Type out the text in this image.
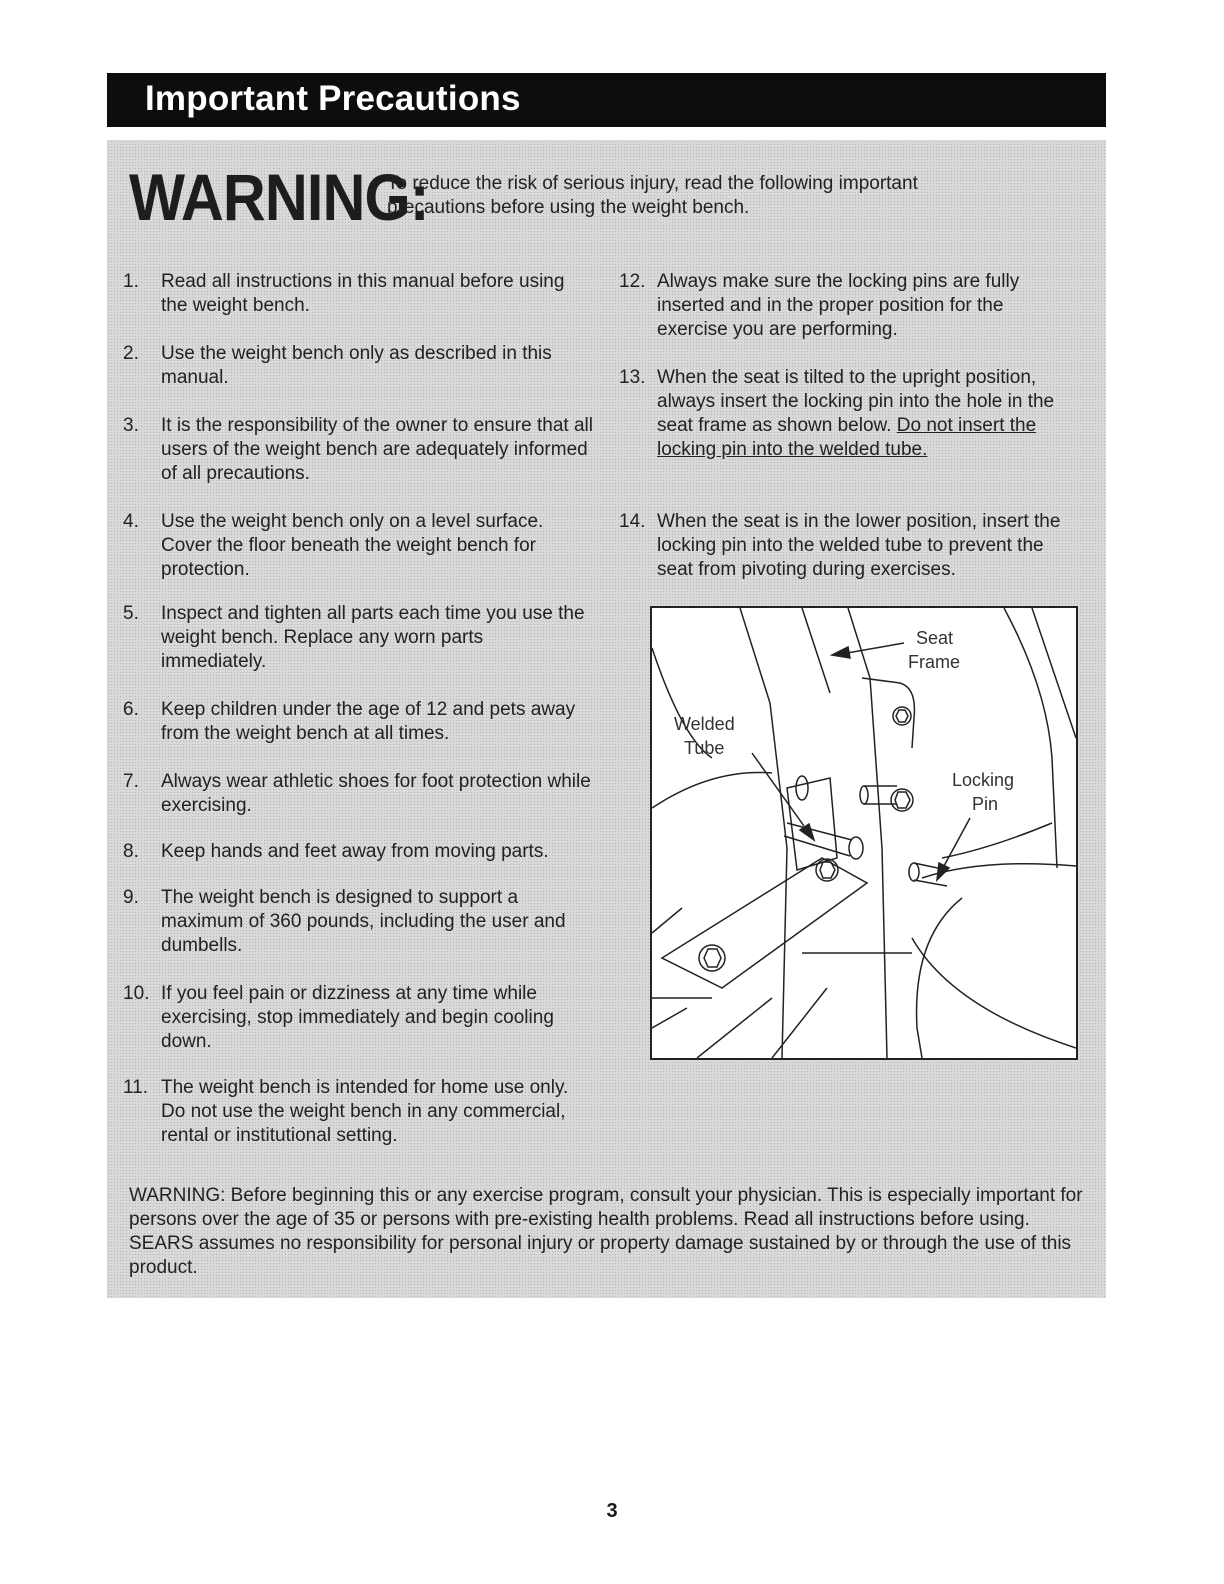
Important Precautions
WARNING:
To reduce the risk of serious injury, read the following important
precautions before using the weight bench.
1.	Read all instructions in this manual before using the weight bench.
2.	Use the weight bench only as described in this manual.
3.	It is the responsibility of the owner to ensure that all users of the weight bench are adequately informed of all precautions.
4.	Use the weight bench only on a level surface. Cover the floor beneath the weight bench for protection.
5.	Inspect and tighten all parts each time you use the weight bench. Replace any worn parts immediately.
6.	Keep children under the age of 12 and pets away from the weight bench at all times.
7.	Always wear athletic shoes for foot protection while exercising.
8.	Keep hands and feet away from moving parts.
9.	The weight bench is designed to support a maximum of 360 pounds, including the user and dumbells.
10. If you feel pain or dizziness at any time while exercising, stop immediately and begin cooling down.
11. The weight bench is intended for home use only. Do not use the weight bench in any commercial, rental or institutional setting.
12. Always make sure the locking pins are fully inserted and in the proper position for the exercise you are performing.
13. When the seat is tilted to the upright position, always insert the locking pin into the hole in the seat frame as shown below. Do not insert the locking pin into the welded tube.
14. When the seat is in the lower position, insert the locking pin into the welded tube to prevent the seat from pivoting during exercises.
Seat
Frame
Welded
Tube
Locking
Pin
WARNING: Before beginning this or any exercise program, consult your physician. This is especially important for persons over the age of 35 or persons with pre-existing health problems. Read all instructions before using. SEARS assumes no responsibility for personal injury or property damage sustained by or through the use of this product.
3
